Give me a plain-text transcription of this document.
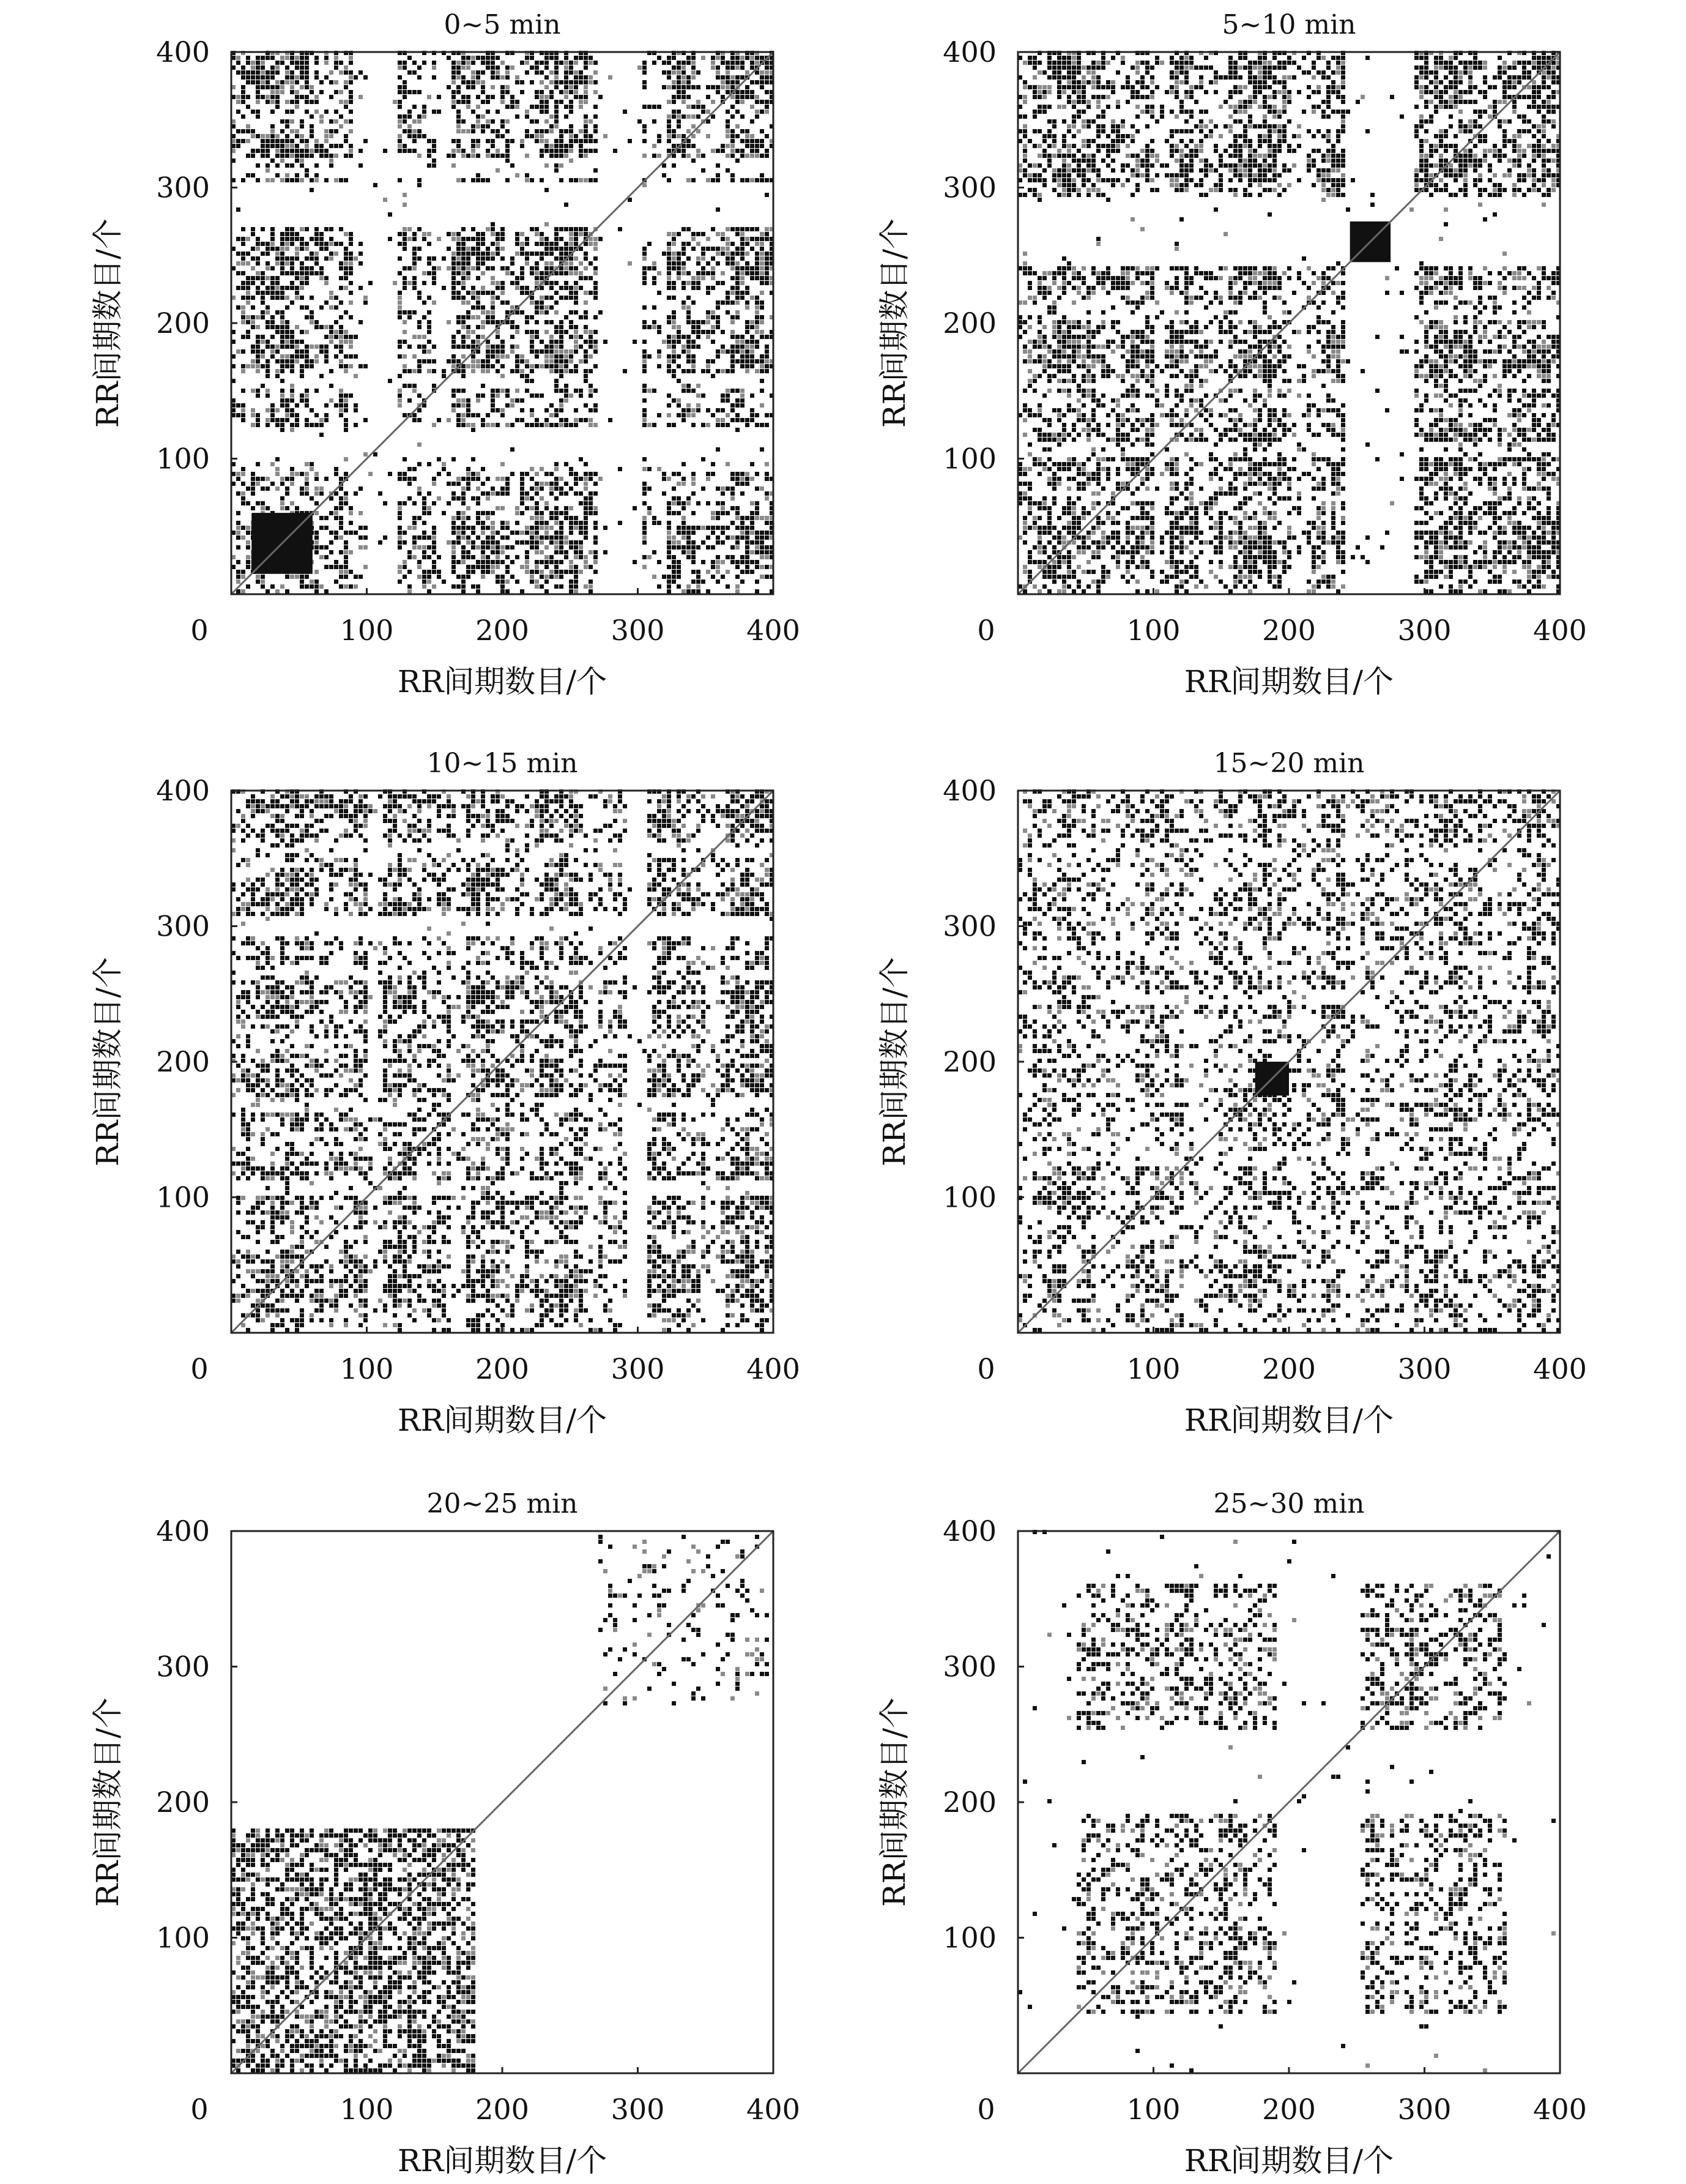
0~5 min
100	200	300	400
100
200
300
400
0
RR间期数目/个
RR间期数目/个
5~10 min
100	200	300	400
100
200
300
400
0
RR间期数目/个
RR间期数目/个
10~15 min
100	200	300	400
100
200
300
400
0
RR间期数目/个
RR间期数目/个
15~20 min
100	200	300	400
100
200
300
400
0
RR间期数目/个
RR间期数目/个
20~25 min
100	200	300	400
100
200
300
400
0
RR间期数目/个
RR间期数目/个
25~30 min
100	200	300	400
100
200
300
400
0
RR间期数目/个
RR间期数目/个
